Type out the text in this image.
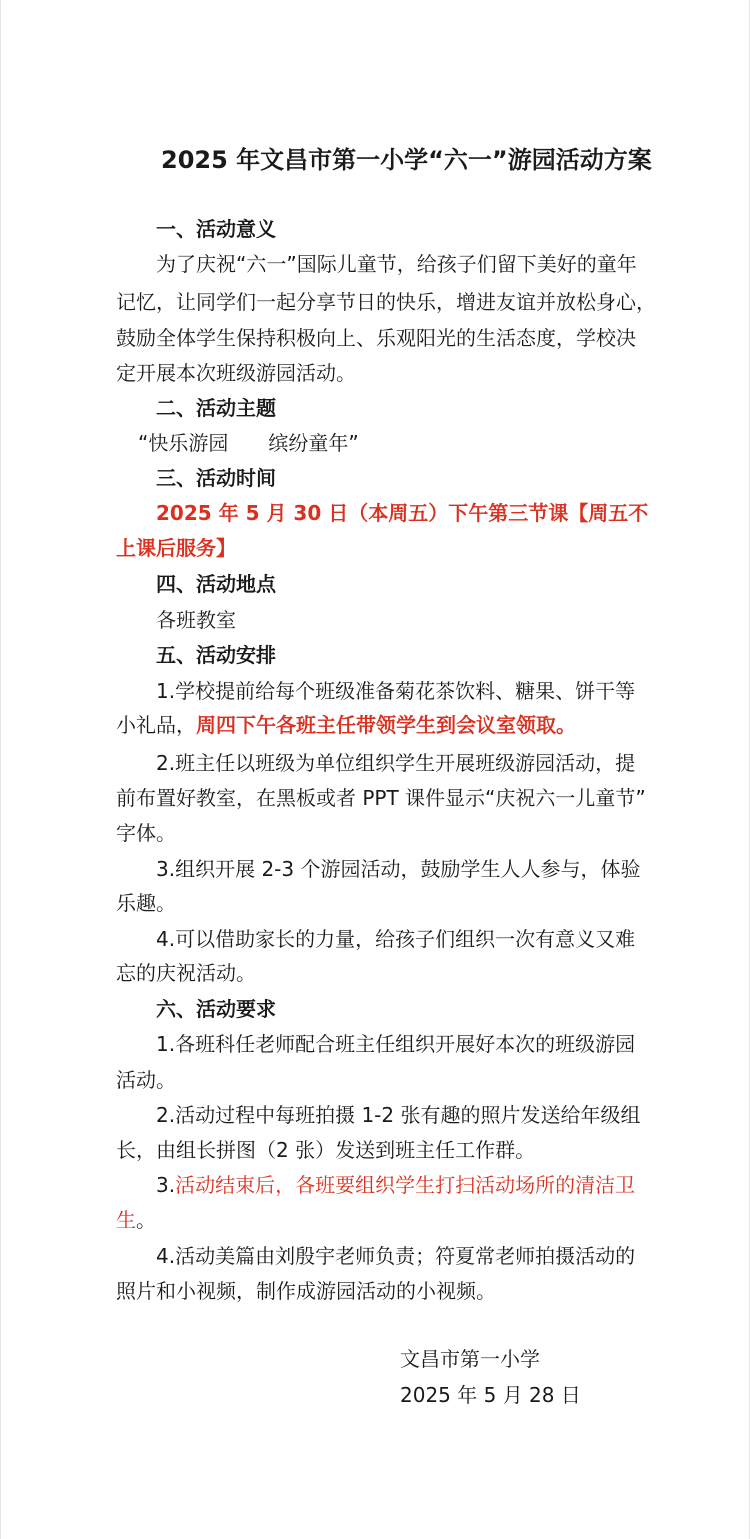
2025 年文昌市第一小学“六一”游园活动方案
一、活动意义
为了庆祝“六一”国际儿童节，给孩子们留下美好的童年
记忆，让同学们一起分享节日的快乐，增进友谊并放松身心，
鼓励全体学生保持积极向上、乐观阳光的生活态度，学校决
定开展本次班级游园活动。
二、活动主题
“快乐游园　　缤纷童年”
三、活动时间
2025 年 5 月 30 日（本周五）下午第三节课【周五不
上课后服务】
四、活动地点
各班教室
五、活动安排
1.学校提前给每个班级准备菊花茶饮料、糖果、饼干等
小礼品，周四下午各班主任带领学生到会议室领取。
2.班主任以班级为单位组织学生开展班级游园活动，提
前布置好教室，在黑板或者 PPT 课件显示“庆祝六一儿童节”
字体。
3.组织开展 2-3 个游园活动，鼓励学生人人参与，体验
乐趣。
4.可以借助家长的力量，给孩子们组织一次有意义又难
忘的庆祝活动。
六、活动要求
1.各班科任老师配合班主任组织开展好本次的班级游园
活动。
2.活动过程中每班拍摄 1-2 张有趣的照片发送给年级组
长，由组长拼图（2 张）发送到班主任工作群。
3.活动结束后，各班要组织学生打扫活动场所的清洁卫
生。
4.活动美篇由刘殷宇老师负责；符夏常老师拍摄活动的
照片和小视频，制作成游园活动的小视频。
文昌市第一小学
2025 年 5 月 28 日
